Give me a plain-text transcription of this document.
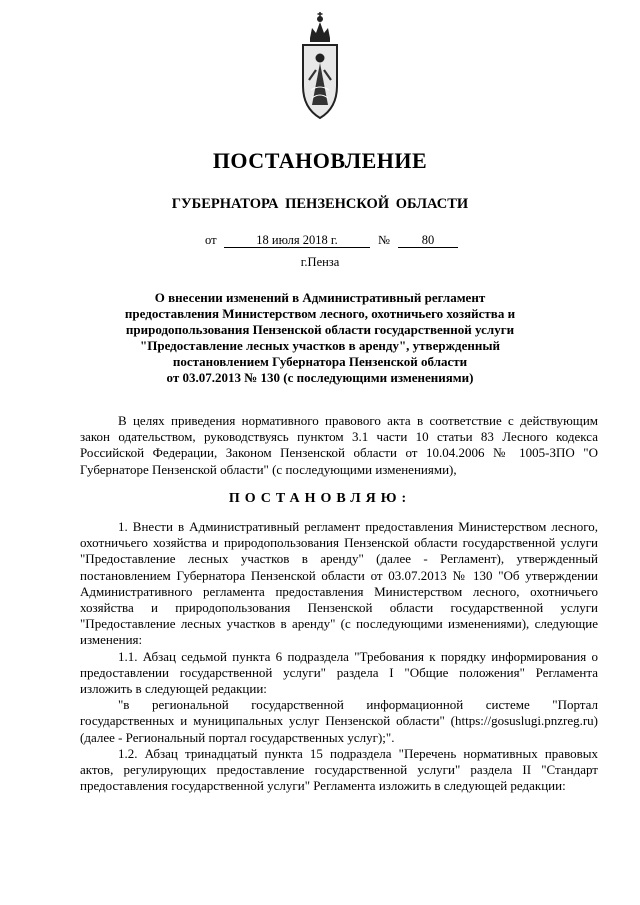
ПОСТАНОВЛЕНИЕ
ГУБЕРНАТОРА ПЕНЗЕНСКОЙ ОБЛАСТИ
от	18 июля 2018 г.	№	80
г.Пенза
О внесении изменений в Административный регламент
предоставления Министерством лесного, охотничьего хозяйства и
природопользования Пензенской области государственной услуги
"Предоставление лесных участков в аренду", утвержденный
постановлением Губернатора Пензенской области
от 03.07.2013 № 130 (с последующими изменениями)

В целях приведения нормативного правового акта в соответствие с действующим закон одательством, руководствуясь пунктом 3.1 части 10 статьи 83 Лесного кодекса Российской Федерации, Законом Пензенской области от 10.04.2006 № 1005-ЗПО "О Губернаторе Пензенской области" (с последующими изменениями),

ПОСТАНОВЛЯЮ:

1. Внести в Административный регламент предоставления Министерством лесного, охотничьего хозяйства и природопользования Пензенской области государственной услуги "Предоставление лесных участков в аренду" (далее - Регламент), утвержденный постановлением Губернатора Пензенской области от 03.07.2013 № 130 "Об утверждении Административного регламента предоставления Министерством лесного, охотничьего хозяйства и природопользования Пензенской области государственной услуги "Предоставление лесных участков в аренду" (с последующими изменениями), следующие изменения:

1.1. Абзац седьмой пункта 6 подраздела "Требования к порядку информирования о предоставлении государственной услуги" раздела I "Общие положения" Регламента изложить в следующей редакции:

"в региональной государственной информационной системе "Портал государственных и муниципальных услуг Пензенской области" (https://gosuslugi.pnzreg.ru) (далее - Региональный портал государственных услуг);".

1.2. Абзац тринадцатый пункта 15 подраздела "Перечень нормативных правовых актов, регулирующих предоставление государственной услуги" раздела II "Стандарт предоставления государственной услуги" Регламента изложить в следующей редакции:
